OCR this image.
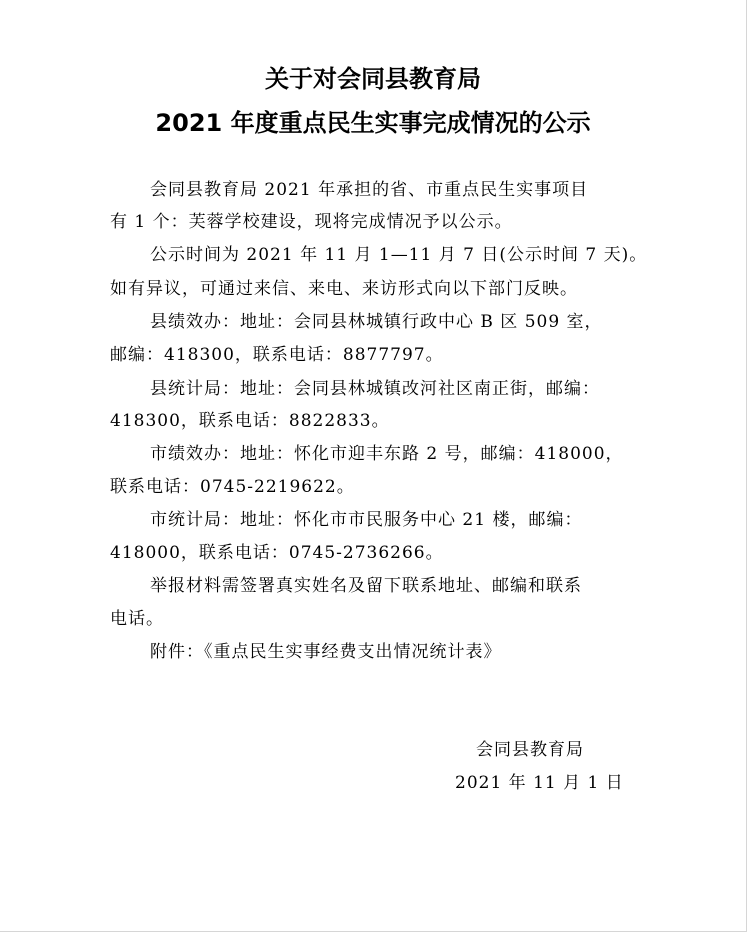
关于对会同县教育局
2021 年度重点民生实事完成情况的公示
会同县教育局 2021 年承担的省、市重点民生实事项目
有 1 个：芙蓉学校建设，现将完成情况予以公示。
公示时间为 2021 年 11 月 1—11 月 7 日(公示时间 7 天)。
如有异议，可通过来信、来电、来访形式向以下部门反映。
县绩效办：地址：会同县林城镇行政中心 B 区 509 室，
邮编：418300，联系电话：8877797。
县统计局：地址：会同县林城镇改河社区南正街，邮编：
418300，联系电话：8822833。
市绩效办：地址：怀化市迎丰东路 2 号，邮编：418000，
联系电话：0745-2219622。
市统计局：地址：怀化市市民服务中心 21 楼，邮编：
418000，联系电话：0745-2736266。
举报材料需签署真实姓名及留下联系地址、邮编和联系
电话。
附件：《重点民生实事经费支出情况统计表》
会同县教育局
2021 年 11 月 1 日
